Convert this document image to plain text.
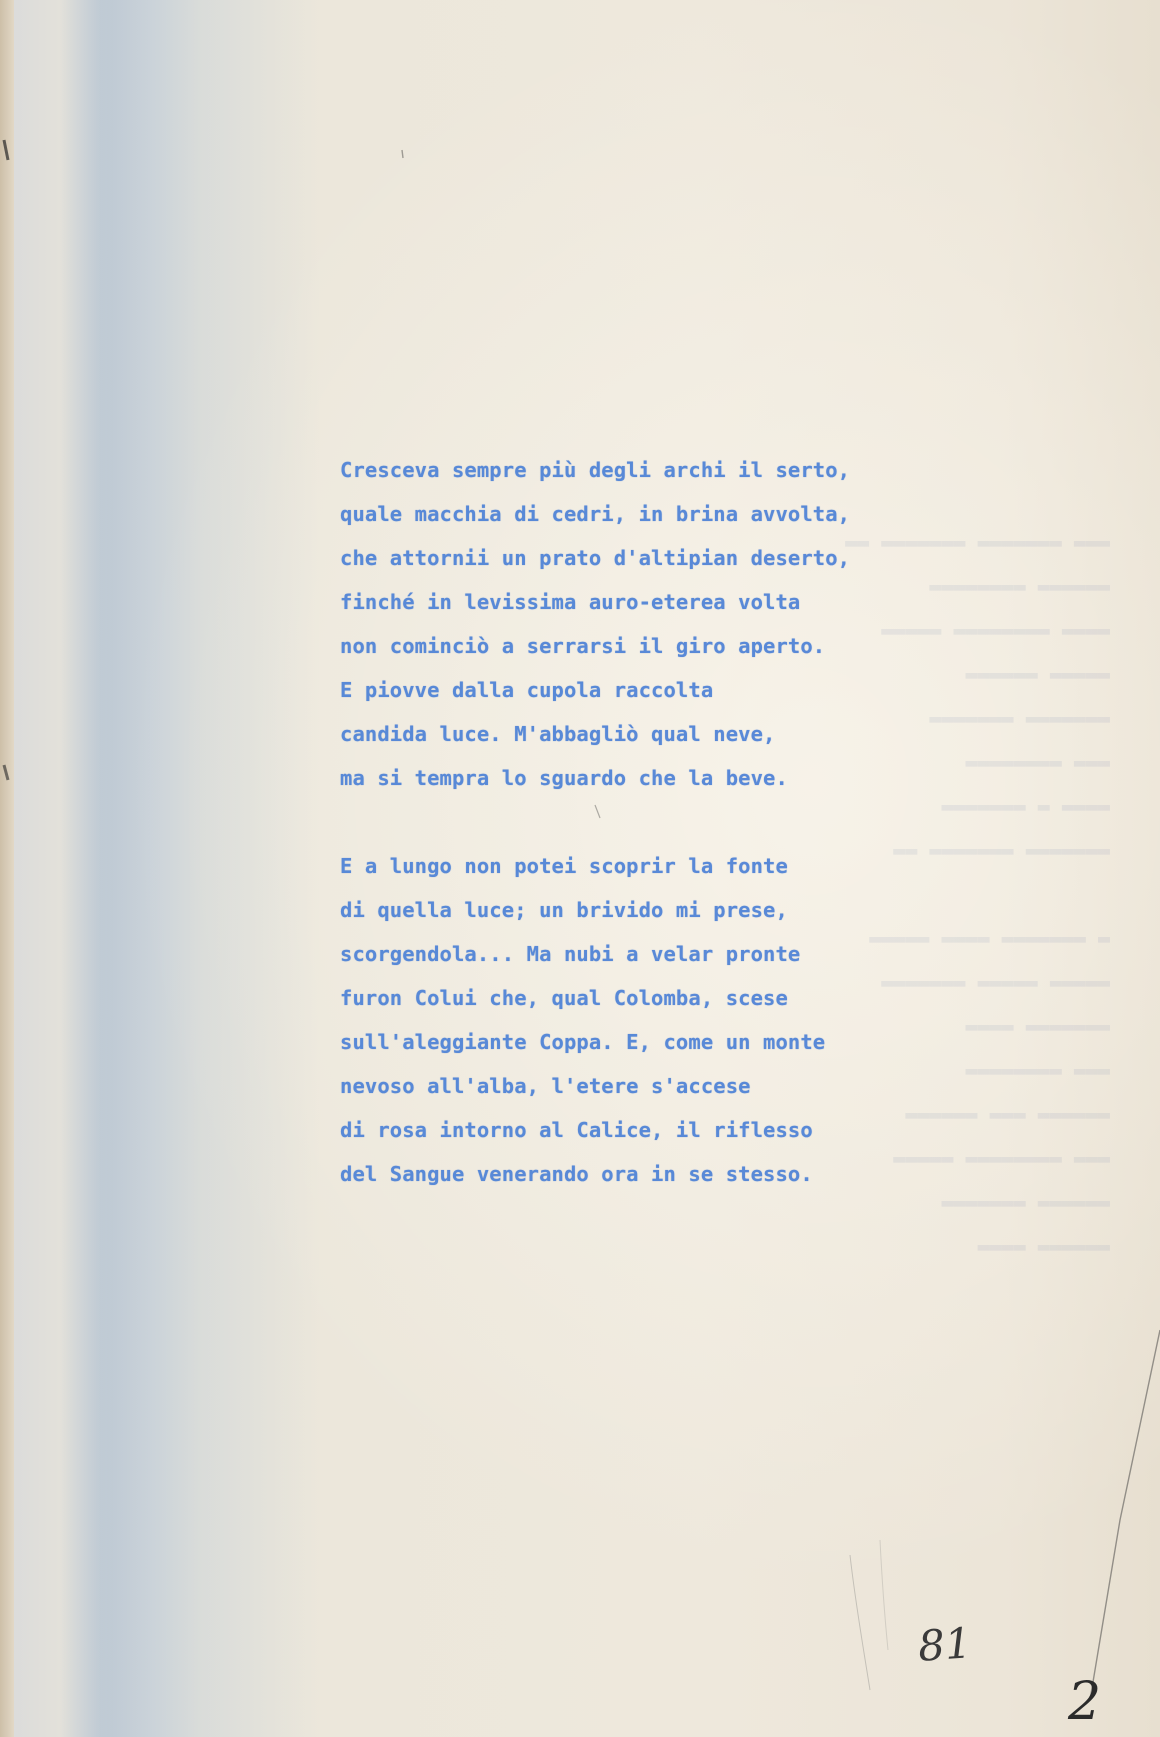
▬▬▬ ▬▬▬▬▬▬▬ ▬▬▬▬▬▬▬ ▬▬
▬▬▬▬▬▬ ▬▬▬▬▬▬▬▬
▬▬▬▬ ▬▬▬▬▬▬▬▬ ▬▬▬▬▬
▬▬▬▬▬ ▬▬▬▬▬▬
▬▬▬▬▬▬▬ ▬▬▬▬▬▬▬
▬▬▬ ▬▬▬▬▬▬▬▬
▬▬▬▬ ▬ ▬▬▬▬▬▬▬
▬▬▬▬▬▬▬ ▬▬▬▬▬▬▬ ▬▬

▬ ▬▬▬▬▬▬▬ ▬▬▬▬ ▬▬▬▬▬
▬▬▬▬▬ ▬▬▬▬▬ ▬▬▬▬▬▬▬
▬▬▬▬▬▬▬ ▬▬▬▬
▬▬▬ ▬▬▬▬▬▬▬▬
▬▬▬▬▬▬ ▬▬▬ ▬▬▬▬▬▬
▬▬▬ ▬▬▬▬▬▬▬▬ ▬▬▬▬▬
▬▬▬▬▬▬ ▬▬▬▬▬▬▬
▬▬▬▬▬▬ ▬▬▬▬

Cresceva sempre più degli archi il serto,
quale macchia di cedri, in brina avvolta,
che attornii un prato d'altipian deserto,
finché in levissima auro-eterea volta
non cominciò a serrarsi il giro aperto.
E piovve dalla cupola raccolta
candida luce. M'abbagliò qual neve,
ma si tempra lo sguardo che la beve.
E a lungo non potei scoprir la fonte
di quella luce; un brivido mi prese,
scorgendola... Ma nubi a velar pronte
furon Colui che, qual Colomba, scese
sull'aleggiante Coppa. E, come un monte
nevoso all'alba, l'etere s'accese
di rosa intorno al Calice, il riflesso
del Sangue venerando ora in se stesso.
81
2
